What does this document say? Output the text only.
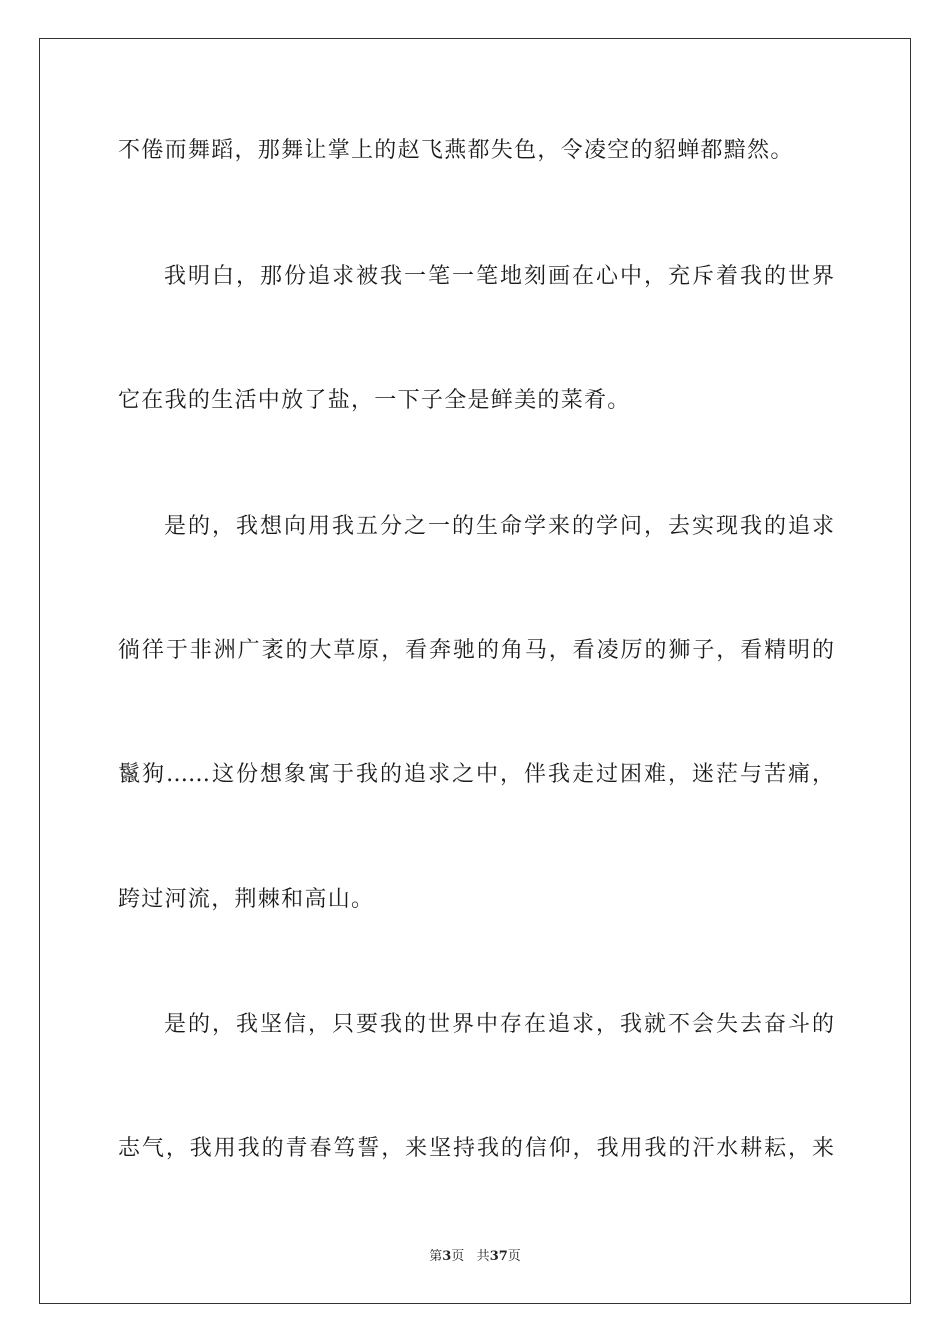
不倦而舞蹈，那舞让掌上的赵飞燕都失色，令凌空的貂蝉都黯然。
我明白，那份追求被我一笔一笔地刻画在心中，充斥着我的世界
它在我的生活中放了盐，一下子全是鲜美的菜肴。
是的，我想向用我五分之一的生命学来的学问，去实现我的追求
徜徉于非洲广袤的大草原，看奔驰的角马，看凌厉的狮子，看精明的
鬣狗……这份想象寓于我的追求之中，伴我走过困难，迷茫与苦痛，
跨过河流，荆棘和高山。
是的，我坚信，只要我的世界中存在追求，我就不会失去奋斗的
志气，我用我的青春笃誓，来坚持我的信仰，我用我的汗水耕耘，来
第3页 共37页
